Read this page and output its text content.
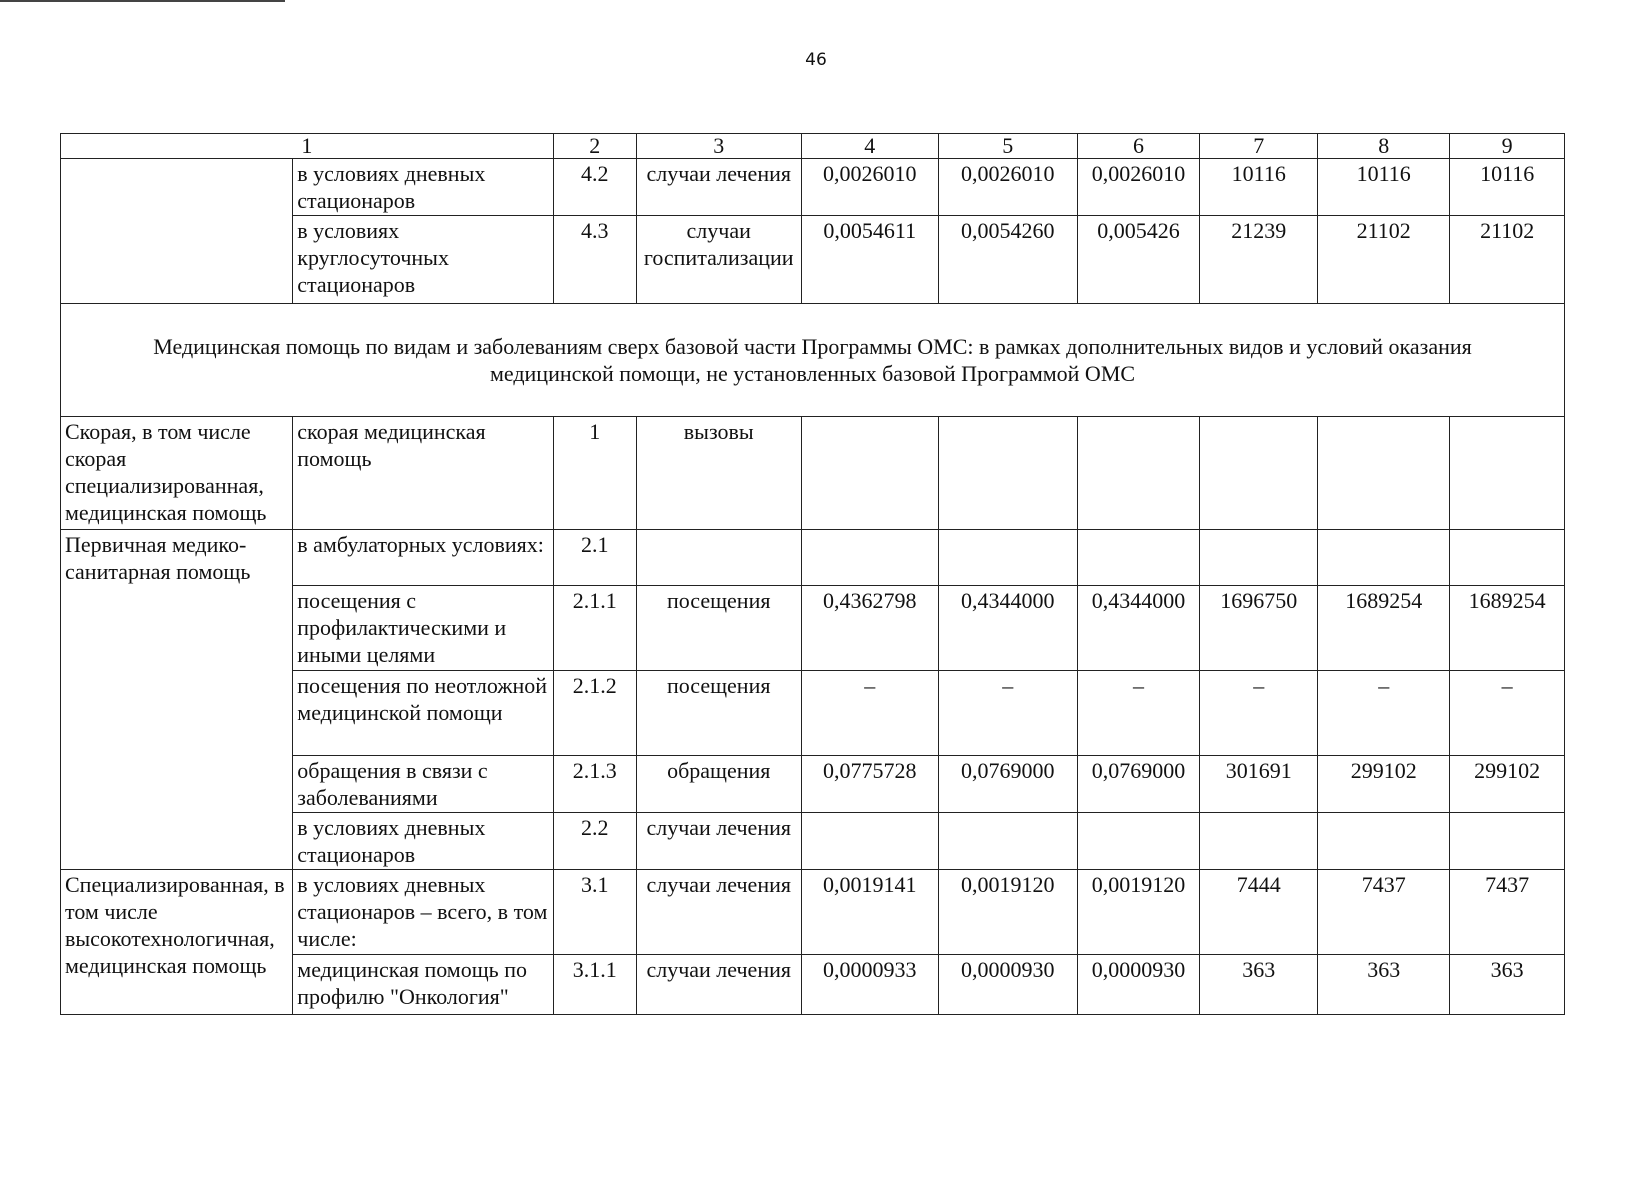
46
1		2	3	4	5	6	7	8	9
	в условиях дневных стационаров	4.2	случаи лечения	0,0026010	0,0026010	0,0026010	10116	10116	10116
	в условиях круглосуточных стационаров	4.3	случаи госпитализации	0,0054611	0,0054260	0,005426	21239	21102	21102
Медицинская помощь по видам и заболеваниям сверх базовой части Программы ОМС: в рамках дополнительных видов и условий оказания медицинской помощи, не установленных базовой Программой ОМС									
Скорая, в том числе скорая специализированная, медицинская помощь	скорая медицинская помощь	1	вызовы						
Первичная медико-санитарная помощь	в амбулаторных условиях:	2.1							
	посещения с профилактическими и иными целями	2.1.1	посещения	0,4362798	0,4344000	0,4344000	1696750	1689254	1689254
	посещения по неотложной медицинской помощи	2.1.2	посещения	–	–	–	–	–	–
	обращения в связи с заболеваниями	2.1.3	обращения	0,0775728	0,0769000	0,0769000	301691	299102	299102
	в условиях дневных стационаров	2.2	случаи лечения						
Специализированная, в том числе высокотехнологичная, медицинская помощь	в условиях дневных стационаров – всего, в том числе:	3.1	случаи лечения	0,0019141	0,0019120	0,0019120	7444	7437	7437
	медицинская помощь по профилю "Онкология"	3.1.1	случаи лечения	0,0000933	0,0000930	0,0000930	363	363	363
